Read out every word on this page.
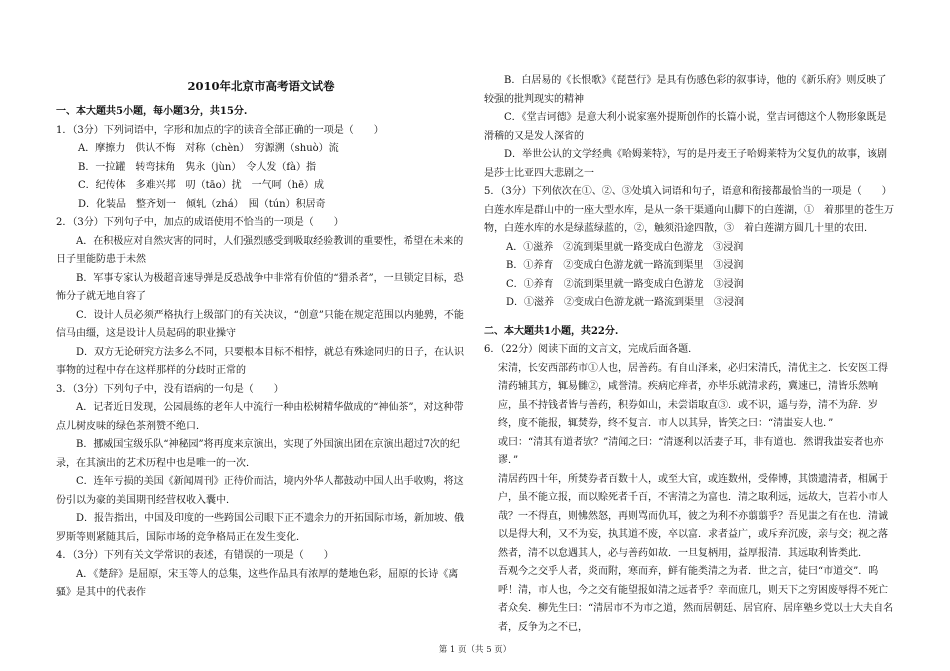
2010年北京市高考语文试卷
一、本大题共5小题，每小题3分，共15分.
1．（3分）下列词语中，字形和加点的字的读音全部正确的一项是（　　）
A．摩擦力　供认不悔　对称（chèn）　穷源溯（shuò）流
B．一拉罐　转弯抹角　隽永（jùn）　令人发（fà）指
C．纪传体　多难兴邦　叨（tāo）扰　一气呵（hē）成
D．化装品　整齐划一　倾轧（zhá）　囤（tún）积居奇
2．（3分）下列句子中，加点的成语使用不恰当的一项是（　　）
A．在积极应对自然灾害的同时，人们强烈感受到吸取经验教训的重要性，希望在未来的日子里能防患于未然
B．军事专家认为极超音速导弹是反恐战争中非常有价值的“猎杀者”，一旦锁定目标，恐怖分子就无地自容了
C．设计人员必须严格执行上级部门的有关决议，“创意”只能在规定范围以内驰骋，不能信马由缰，这是设计人员起码的职业操守
D．双方无论研究方法多么不同，只要根本目标不相悖，就总有殊途同归的日子，在认识事物的过程中存在这样那样的分歧时正常的
3．（3分）下列句子中，没有语病的一句是（　　）
A．记者近日发现，公园晨练的老年人中流行一种由松树精华做成的“神仙茶”，对这种带点儿树皮味的绿色茶剂赞不绝口．
B．挪威国宝级乐队“神秘园”将再度来京演出，实现了外国演出团在京演出超过7次的纪录，在其演出的艺术历程中也是唯一的一次．
C．连年亏损的美国《新闻周刊》正待价而沽，境内外华人都鼓动中国人出手收购，将这份引以为豪的美国期刊经营权收入囊中．
D．报告指出，中国及印度的一些跨国公司眼下正不遗余力的开拓国际市场，新加坡、俄罗斯等则紧随其后，国际市场的竞争格局正在发生变化．
4．（3分）下列有关文学常识的表述，有错误的一项是（　　）
A．《楚辞》是屈原，宋玉等人的总集，这些作品具有浓厚的楚地色彩，屈原的长诗《离骚》是其中的代表作
B．白居易的《长恨歌》《琵琶行》是具有伤感色彩的叙事诗，他的《新乐府》则反映了较强的批判现实的精神
C．《堂吉诃德》是意大利小说家塞外提斯创作的长篇小说，堂吉诃德这个人物形象既是滑稽的又是发人深省的
D．举世公认的文学经典《哈姆莱特》，写的是丹麦王子哈姆莱特为父复仇的故事，该剧是莎士比亚四大悲剧之一
5．（3分）下列依次在①、②、③处填入词语和句子，语意和衔接都最恰当的一项是（　　）
白莲水库是群山中的一座大型水库，是从一条干渠通向山脚下的白莲湖，①　着那里的苍生万物，白莲水库的水是绿蓝绿蓝的，②，触须沿途四散，③　着白莲湖方圆几十里的农田．
A．①滋养　②流到渠里就一路变成白色游龙　③浸润
B．①养育　②变成白色游龙就一路流到渠里　③浸润
C．①养育　②流到渠里就一路变成白色游龙　③浸润
D．①滋养　②变成白色游龙就一路流到渠里　③浸润
二、本大题共1小题，共22分.
6．（22分）阅读下面的文言文，完成后面各题．
宋清，长安西部药市①人也，居善药。有自山泽来，必归宋清氏，清优主之．长安医工得清药辅其方，辄易雠②，咸誉清。疾病庀痒者，亦毕乐就清求药，冀速已，清皆乐然响应，虽不持钱者皆与善药，积券如山，未尝诣取直③．或不识，遥与券，清不为辞．岁终，度不能报，辄焚券，终不复言．市人以其异，皆笑之曰：“清蚩妄人也．”
或曰：“清其有道者欤？”清闻之曰：“清逐利以活妻子耳，非有道也．然谓我蚩妄者也亦谬．”
清居药四十年，所焚券者百数十人，或至大官，或连数州，受俸博，其馈遗清者，相属于户，虽不能立报，而以赊死者千百，不害清之为富也．清之取利远，远故大，岂若小市人哉？一不得直，则怫然怒，再则骂而仇耳，彼之为利不亦翦翦乎？吾见蚩之有在也．清诚以是得大利，又不为妄，执其道不废，卒以富．求者益广，或斥弃沉废，亲与交；视之落然者，清不以怠遇其人，必与善药如故．一旦复柄用，益厚报清．其远取利皆类此．
吾观今之交乎人者，炎而附，寒而弃，鲜有能类清之为者．世之言，徒曰“市道交”．呜呼！清，市人也，今之交有能望报如清之远者乎？幸而庶几，则天下之穷困废辱得不死亡者众矣．柳先生曰：“清居市不为市之道，然而居朝廷、居官府、居庠塾乡党以士大夫自名者，反争为之不已，
第 1 页（共 5 页）
